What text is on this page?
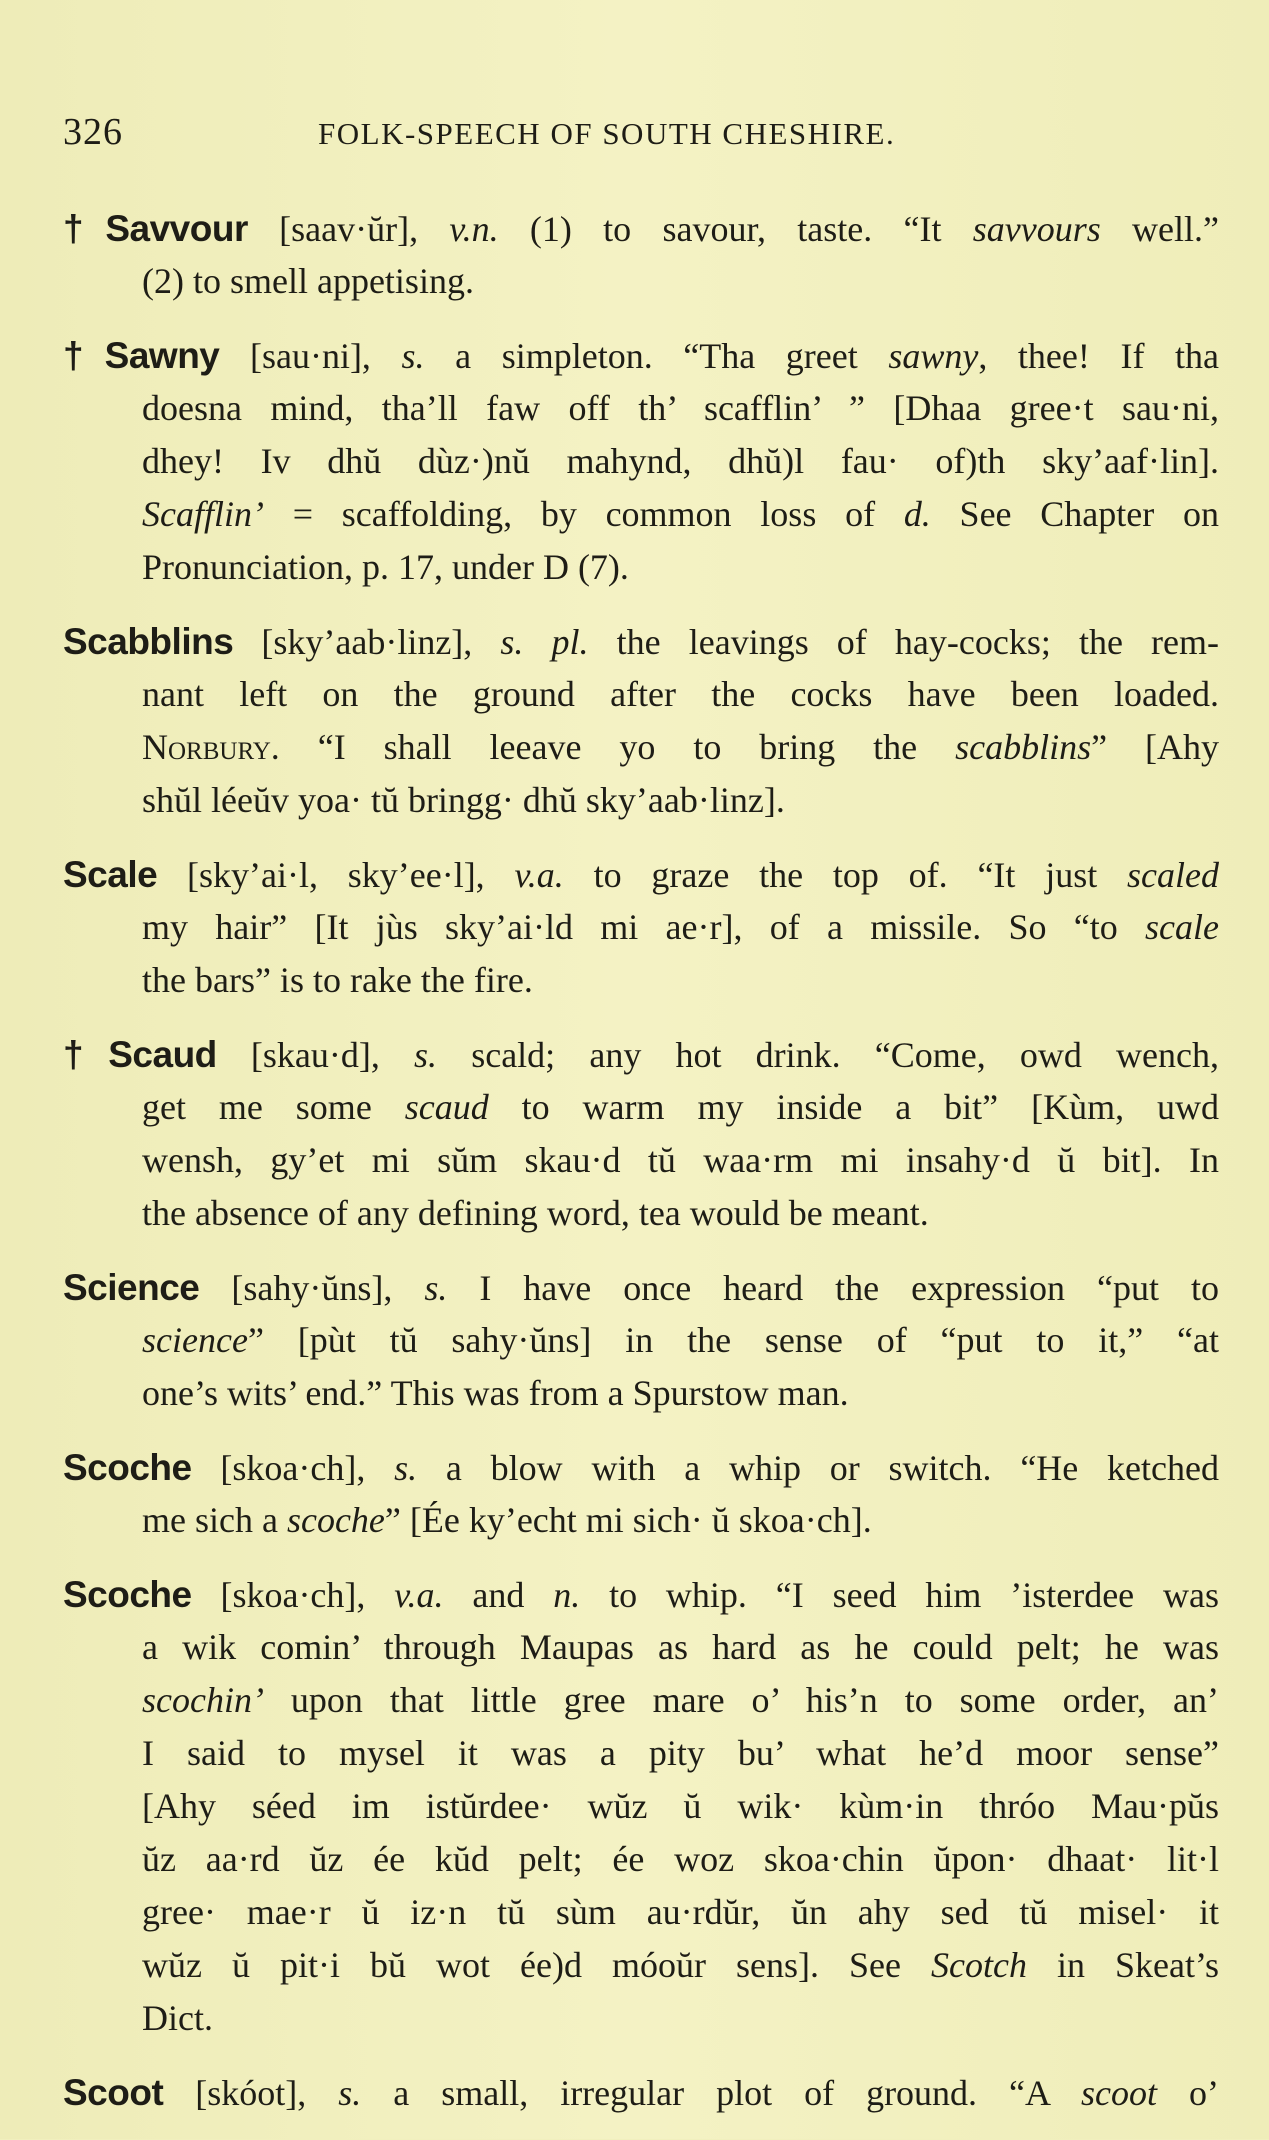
326	FOLK-SPEECH OF SOUTH CHESHIRE.
†Savvour [saav·ŭr], v.n. (1) to savour, taste. “It savvours well.”
(2) to smell appetising.
†Sawny [sau·ni], s. a simpleton. “Tha greet sawny, thee! If tha
doesna mind, tha’ll faw off th’ scafflin’ ” [Dhaa gree·t sau·ni,
dhey! Iv dhŭ dùz·)nŭ mahynd, dhŭ)l fau· of)th sky’aaf·lin].
Scafflin’ = scaffolding, by common loss of d. See Chapter on
Pronunciation, p. 17, under D (7).
Scabblins [sky’aab·linz], s. pl. the leavings of hay-cocks; the rem-
nant left on the ground after the cocks have been loaded.
Norbury. “I shall leeave yo to bring the scabblins” [Ahy
shŭl léeŭv yoa· tŭ bringg· dhŭ sky’aab·linz].
Scale [sky’ai·l, sky’ee·l], v.a. to graze the top of. “It just scaled
my hair” [It jùs sky’ai·ld mi ae·r], of a missile. So “to scale
the bars” is to rake the fire.
†Scaud [skau·d], s. scald; any hot drink. “Come, owd wench,
get me some scaud to warm my inside a bit” [Kùm, uwd
wensh, gy’et mi sŭm skau·d tŭ waa·rm mi insahy·d ŭ bit]. In
the absence of any defining word, tea would be meant.
Science [sahy·ŭns], s. I have once heard the expression “put to
science” [pùt tŭ sahy·ŭns] in the sense of “put to it,” “at
one’s wits’ end.” This was from a Spurstow man.
Scoche [skoa·ch], s. a blow with a whip or switch. “He ketched
me sich a scoche” [Ée ky’echt mi sich· ŭ skoa·ch].
Scoche [skoa·ch], v.a. and n. to whip. “I seed him ’isterdee was
a wik comin’ through Maupas as hard as he could pelt; he was
scochin’ upon that little gree mare o’ his’n to some order, an’
I said to mysel it was a pity bu’ what he’d moor sense”
[Ahy séed im istŭrdee· wŭz ŭ wik· kùm·in thróo Mau·pŭs
ŭz aa·rd ŭz ée kŭd pelt; ée woz skoa·chin ŭpon· dhaat· lit·l
gree· mae·r ŭ iz·n tŭ sùm au·rdŭr, ŭn ahy sed tŭ misel· it
wŭz ŭ pit·i bŭ wot ée)d móoŭr sens]. See Scotch in Skeat’s
Dict.
Scoot [skóot], s. a small, irregular plot of ground. “A scoot o’
